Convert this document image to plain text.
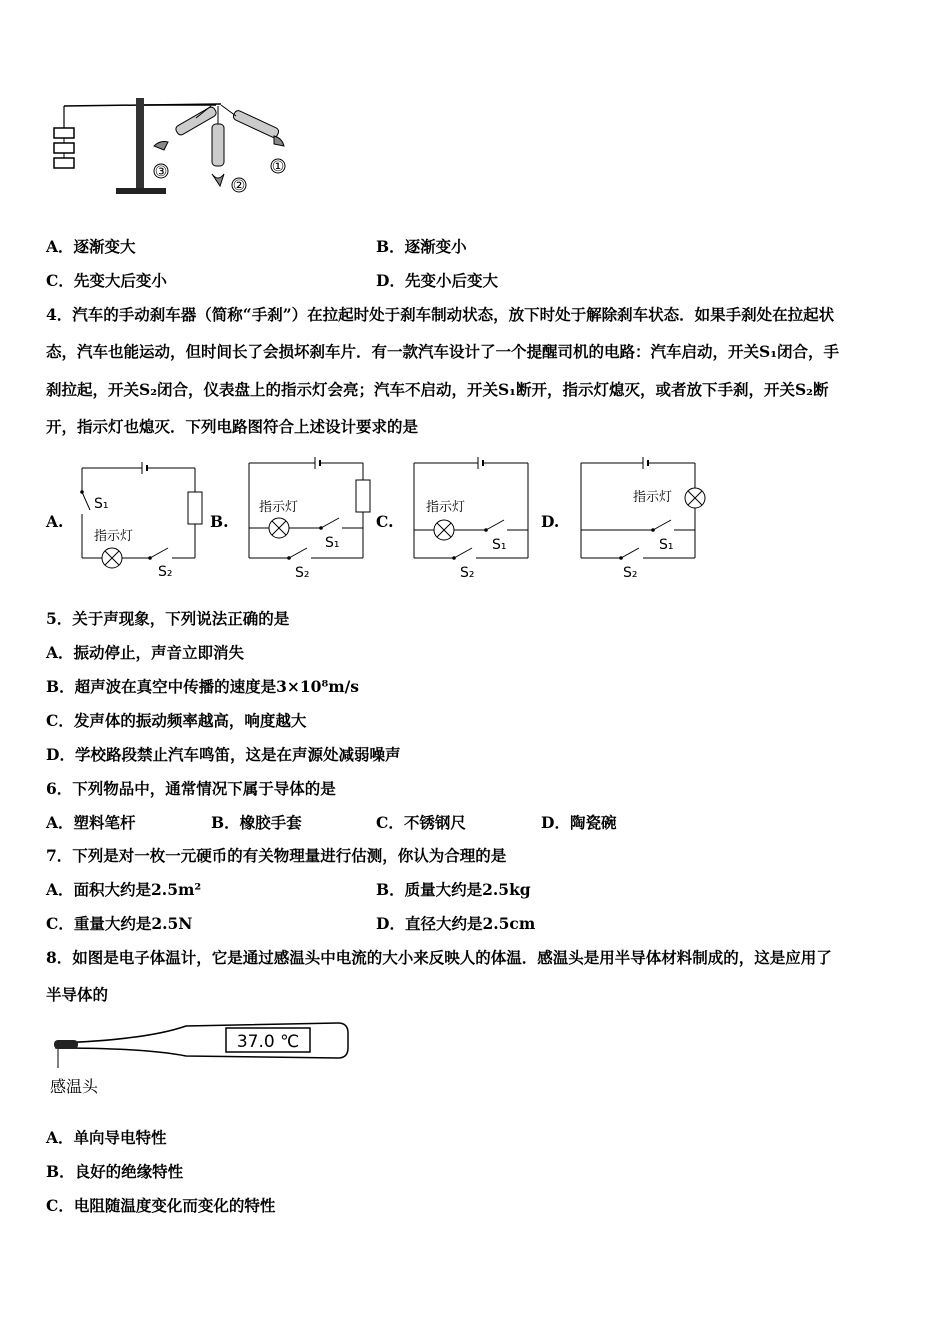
③
②
①
A．逐渐变大	B．逐渐变小
C．先变大后变小	D．先变小后变大
4．汽车的手动刹车器（简称“手刹”）在拉起时处于刹车制动状态，放下时处于解除刹车状态．如果手刹处在拉起状
态，汽车也能运动，但时间长了会损坏刹车片．有一款汽车设计了一个提醒司机的电路：汽车启动，开关S₁闭合，手
刹拉起，开关S₂闭合，仪表盘上的指示灯会亮；汽车不启动，开关S₁断开，指示灯熄灭，或者放下手刹，开关S₂断
开，指示灯也熄灭．下列电路图符合上述设计要求的是
A.	B.	C.	D.
S₁
指示灯
S₂
指示灯
S₁
S₂
指示灯
S₁
S₂
指示灯
S₁
S₂
5．关于声现象，下列说法正确的是
A．振动停止，声音立即消失
B．超声波在真空中传播的速度是3×10⁸m/s
C．发声体的振动频率越高，响度越大
D．学校路段禁止汽车鸣笛，这是在声源处减弱噪声
6．下列物品中，通常情况下属于导体的是
A．塑料笔杆	B．橡胶手套	C．不锈钢尺	D．陶瓷碗
7．下列是对一枚一元硬币的有关物理量进行估测，你认为合理的是
A．面积大约是2.5m²	B．质量大约是2.5kg
C．重量大约是2.5N	D．直径大约是2.5cm
8．如图是电子体温计，它是通过感温头中电流的大小来反映人的体温．感温头是用半导体材料制成的，这是应用了
半导体的
37.0 ℃
感温头
A．单向导电特性
B．良好的绝缘特性
C．电阻随温度变化而变化的特性
